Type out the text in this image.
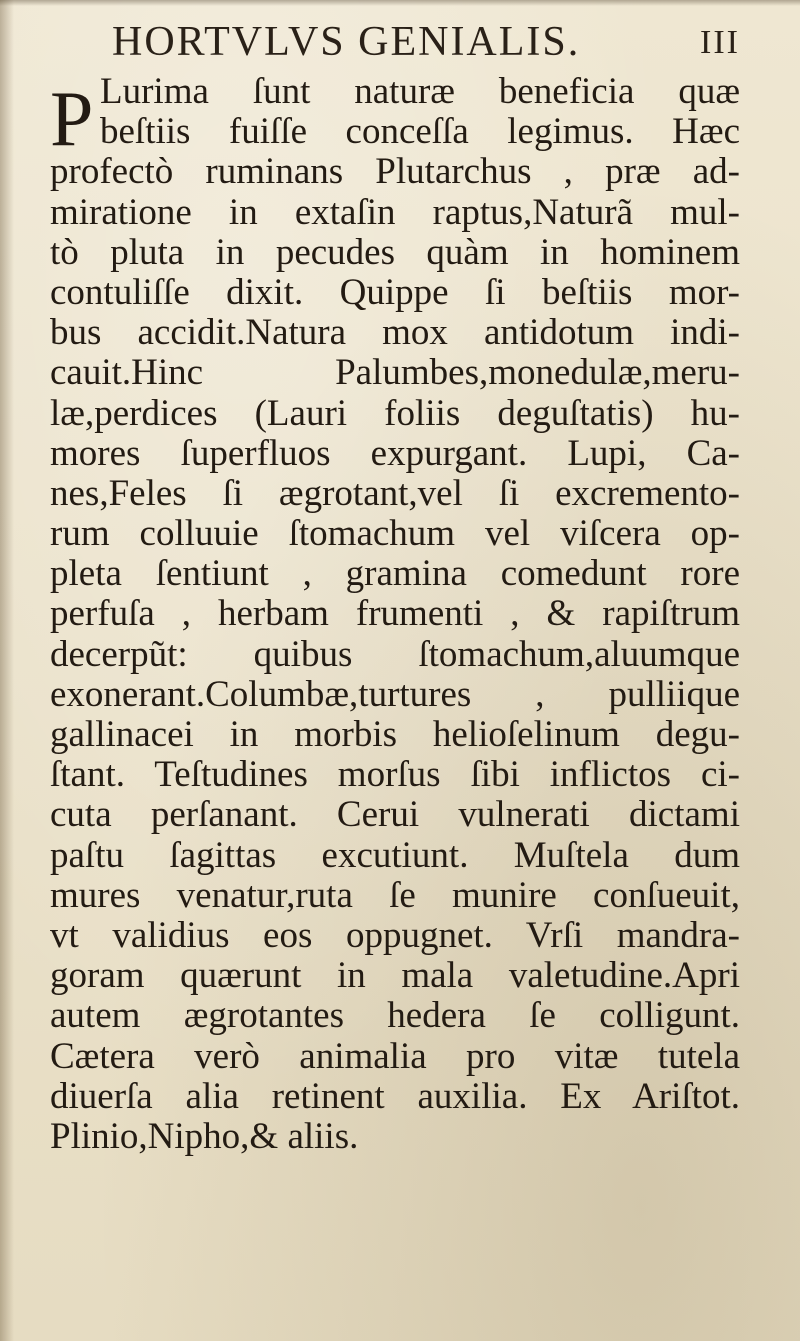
HORTVLVS GENIALIS.	III
P Lurima ſunt naturæ beneficia quæ
beſtiis fuiſſe conceſſa legimus. Hæc
profectò ruminans Plutarchus , præ ad-
miratione in extaſin raptus,Naturã mul-
tò pluta in pecudes quàm in hominem
contuliſſe dixit. Quippe ſi beſtiis mor-
bus accidit.Natura mox antidotum indi-
cauit.Hinc Palumbes,monedulæ,meru-
læ,perdices (Lauri foliis deguſtatis) hu-
mores ſuperfluos expurgant. Lupi, Ca-
nes,Feles ſi ægrotant,vel ſi excremento-
rum colluuie ſtomachum vel viſcera op-
pleta ſentiunt , gramina comedunt rore
perfuſa , herbam frumenti , & rapiſtrum
decerpũt: quibus ſtomachum,aluumque
exonerant.Columbæ,turtures , pulliique
gallinacei in morbis helioſelinum degu-
ſtant. Teſtudines morſus ſibi inflictos ci-
cuta perſanant. Cerui vulnerati dictami
paſtu ſagittas excutiunt. Muſtela dum
mures venatur,ruta ſe munire conſueuit,
vt validius eos oppugnet. Vrſi mandra-
goram quærunt in mala valetudine.Apri
autem ægrotantes hedera ſe colligunt.
Cætera verò animalia pro vitæ tutela
diuerſa alia retinent auxilia. Ex Ariſtot.
Plinio,Nipho,& aliis.
